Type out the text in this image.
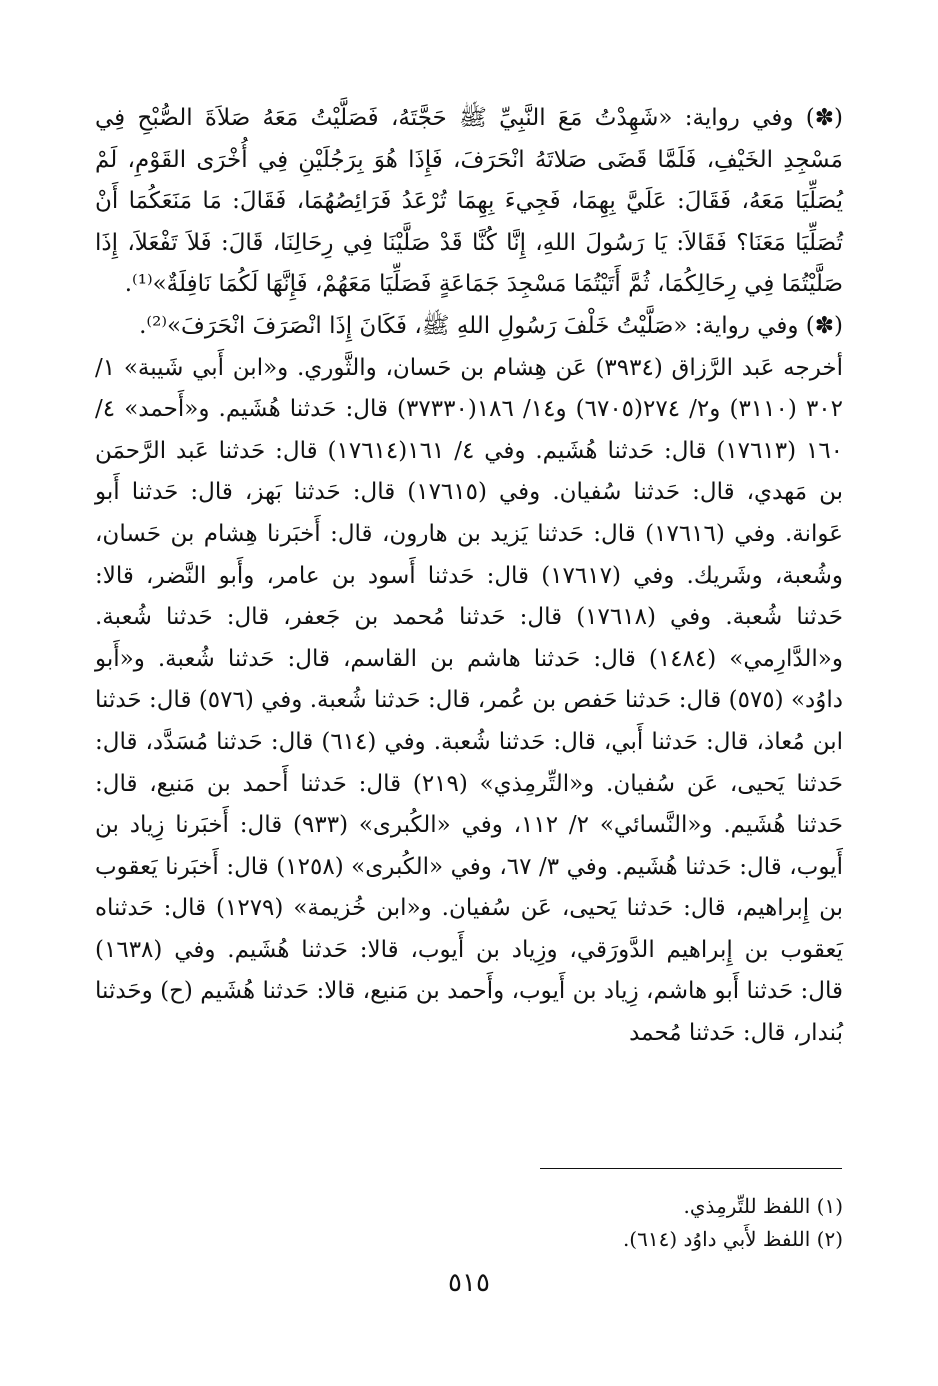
(✽) وفي رواية: «شَهِدْتُ مَعَ النَّبِيِّ ﷺ حَجَّتَهُ، فَصَلَّيْتُ مَعَهُ صَلاَةَ الصُّبْحِ فِي مَسْجِدِ الخَيْفِ، فَلَمَّا قَضَى صَلاتَهُ انْحَرَفَ، فَإِذَا هُوَ بِرَجُلَيْنِ فِي أُخْرَى القَوْمِ، لَمْ يُصَلِّيَا مَعَهُ، فَقَالَ: عَلَيَّ بِهِمَا، فَجِيءَ بِهِمَا تُرْعَدُ فَرَائِصُهُمَا، فَقَالَ: مَا مَنَعَكُمَا أَنْ تُصَلِّيَا مَعَنَا؟ فَقَالاَ: يَا رَسُولَ اللهِ، إِنَّا كُنَّا قَدْ صَلَّيْنَا فِي رِحَالِنَا، قَالَ: فَلاَ تَفْعَلاَ، إِذَا صَلَّيْتُمَا فِي رِحَالِكُمَا، ثُمَّ أَتَيْتُمَا مَسْجِدَ جَمَاعَةٍ فَصَلِّيَا مَعَهُمْ، فَإِنَّهَا لَكُمَا نَافِلَةٌ»⁽¹⁾.

(✽) وفي رواية: «صَلَّيْتُ خَلْفَ رَسُولِ اللهِ ﷺ، فَكَانَ إِذَا انْصَرَفَ انْحَرَفَ»⁽²⁾.

أخرجه عَبد الرَّزاق (٣٩٣٤) عَن هِشام بن حَسان، والثَّوري. و«ابن أَبي شَيبة» ١/ ٣٠٢ (٣١١٠) و٢/ ٢٧٤(٦٧٠٥) و١٤/ ١٨٦(٣٧٣٣٠) قال: حَدثنا هُشَيم. و«أَحمد» ٤/ ١٦٠ (١٧٦١٣) قال: حَدثنا هُشَيم. وفي ٤/ ١٦١(١٧٦١٤) قال: حَدثنا عَبد الرَّحمَن بن مَهدي، قال: حَدثنا سُفيان. وفي (١٧٦١٥) قال: حَدثنا بَهز، قال: حَدثنا أَبو عَوانة. وفي (١٧٦١٦) قال: حَدثنا يَزيد بن هارون، قال: أَخبَرنا هِشام بن حَسان، وشُعبة، وشَريك. وفي (١٧٦١٧) قال: حَدثنا أَسود بن عامر، وأَبو النَّضر، قالا: حَدثنا شُعبة. وفي (١٧٦١٨) قال: حَدثنا مُحمد بن جَعفر، قال: حَدثنا شُعبة. و«الدَّارِمي» (١٤٨٤) قال: حَدثنا هاشم بن القاسم، قال: حَدثنا شُعبة. و«أَبو داوُد» (٥٧٥) قال: حَدثنا حَفص بن عُمر، قال: حَدثنا شُعبة. وفي (٥٧٦) قال: حَدثنا ابن مُعاذ، قال: حَدثنا أَبي، قال: حَدثنا شُعبة. وفي (٦١٤) قال: حَدثنا مُسَدَّد، قال: حَدثنا يَحيى، عَن سُفيان. و«التِّرمِذي» (٢١٩) قال: حَدثنا أَحمد بن مَنيع، قال: حَدثنا هُشَيم. و«النَّسائي» ٢/ ١١٢، وفي «الكُبرى» (٩٣٣) قال: أَخبَرنا زِياد بن أَيوب، قال: حَدثنا هُشَيم. وفي ٣/ ٦٧، وفي «الكُبرى» (١٢٥٨) قال: أَخبَرنا يَعقوب بن إِبراهيم، قال: حَدثنا يَحيى، عَن سُفيان. و«ابن خُزيمة» (١٢٧٩) قال: حَدثناه يَعقوب بن إِبراهيم الدَّورَقي، وزِياد بن أَيوب، قالا: حَدثنا هُشَيم. وفي (١٦٣٨) قال: حَدثنا أَبو هاشم، زِياد بن أَيوب، وأَحمد بن مَنيع، قالا: حَدثنا هُشَيم (ح) وحَدثنا بُندار، قال: حَدثنا مُحمد

(١) اللفظ للتِّرمِذي.

(٢) اللفظ لأَبي داوُد (٦١٤).

٥١٥
